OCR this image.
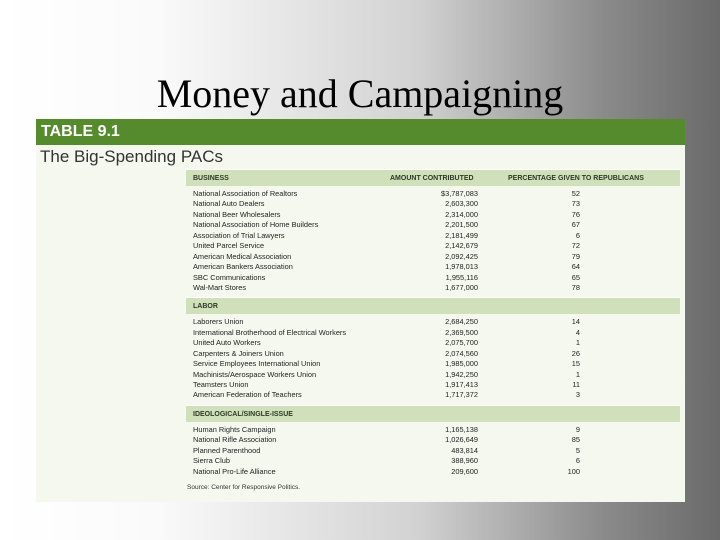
Money and Campaigning
TABLE 9.1
The Big-Spending PACs
BUSINESS	AMOUNT CONTRIBUTED	PERCENTAGE GIVEN TO REPUBLICANS
National Association of Realtors	$3,787,083	52
National Auto Dealers	2,603,300	73
National Beer Wholesalers	2,314,000	76
National Association of Home Builders	2,201,500	67
Association of Trial Lawyers	2,181,499	6
United Parcel Service	2,142,679	72
American Medical Association	2,092,425	79
American Bankers Association	1,978,013	64
SBC Communications	1,955,116	65
Wal-Mart Stores	1,677,000	78
LABOR
Laborers Union	2,684,250	14
International Brotherhood of Electrical Workers	2,369,500	4
United Auto Workers	2,075,700	1
Carpenters & Joiners Union	2,074,560	26
Service Employees International Union	1,985,000	15
Machinists/Aerospace Workers Union	1,942,250	1
Teamsters Union	1,917,413	11
American Federation of Teachers	1,717,372	3
IDEOLOGICAL/SINGLE-ISSUE
Human Rights Campaign	1,165,138	9
National Rifle Association	1,026,649	85
Planned Parenthood	483,814	5
Sierra Club	388,960	6
National Pro-Life Alliance	209,600	100
Source: Center for Responsive Politics.
